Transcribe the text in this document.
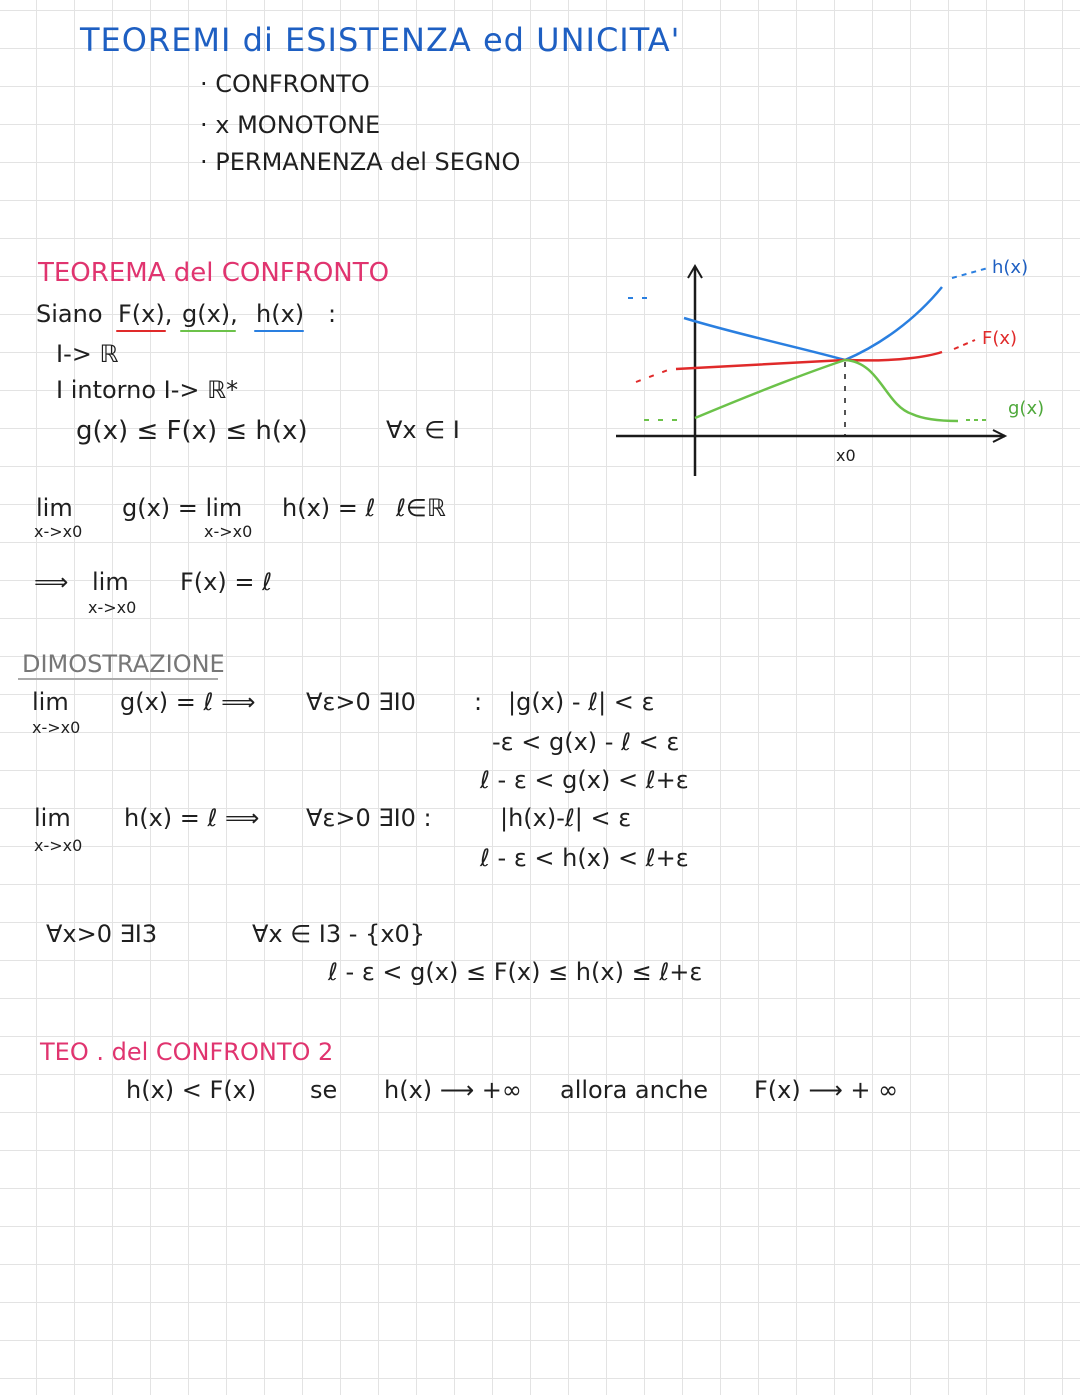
TEOREMI di ESISTENZA ed UNICITA'
· CONFRONTO
· x MONOTONE
· PERMANENZA del SEGNO
TEOREMA del CONFRONTO
Siano F(x), g(x), h(x) :
I-> ℝ
I intorno I-> ℝ*
g(x) ≤ F(x) ≤ h(x)	∀x ∈ I
lim
x->x0
g(x) = lim
x->x0
h(x) = ℓ ℓ∈ℝ
⟹ lim
x->x0
F(x) = ℓ
h(x)
F(x)
g(x)
x0
DIMOSTRAZIONE
lim
x->x0
g(x) = ℓ ⟹ ∀ε>0 ∃I0 : |g(x) - ℓ| < ε
-ε < g(x) - ℓ < ε
ℓ - ε < g(x) < ℓ+ε
lim
x->x0
h(x) = ℓ ⟹ ∀ε>0 ∃I0 :	|h(x)-ℓ| < ε
ℓ - ε < h(x) < ℓ+ε
∀x>0 ∃I3	∀x ∈ I3 - {x0}
ℓ - ε < g(x) ≤ F(x) ≤ h(x) ≤ ℓ+ε
TEO . del CONFRONTO 2
h(x) < F(x) se h(x) ⟶ +∞ allora anche F(x) ⟶ + ∞
